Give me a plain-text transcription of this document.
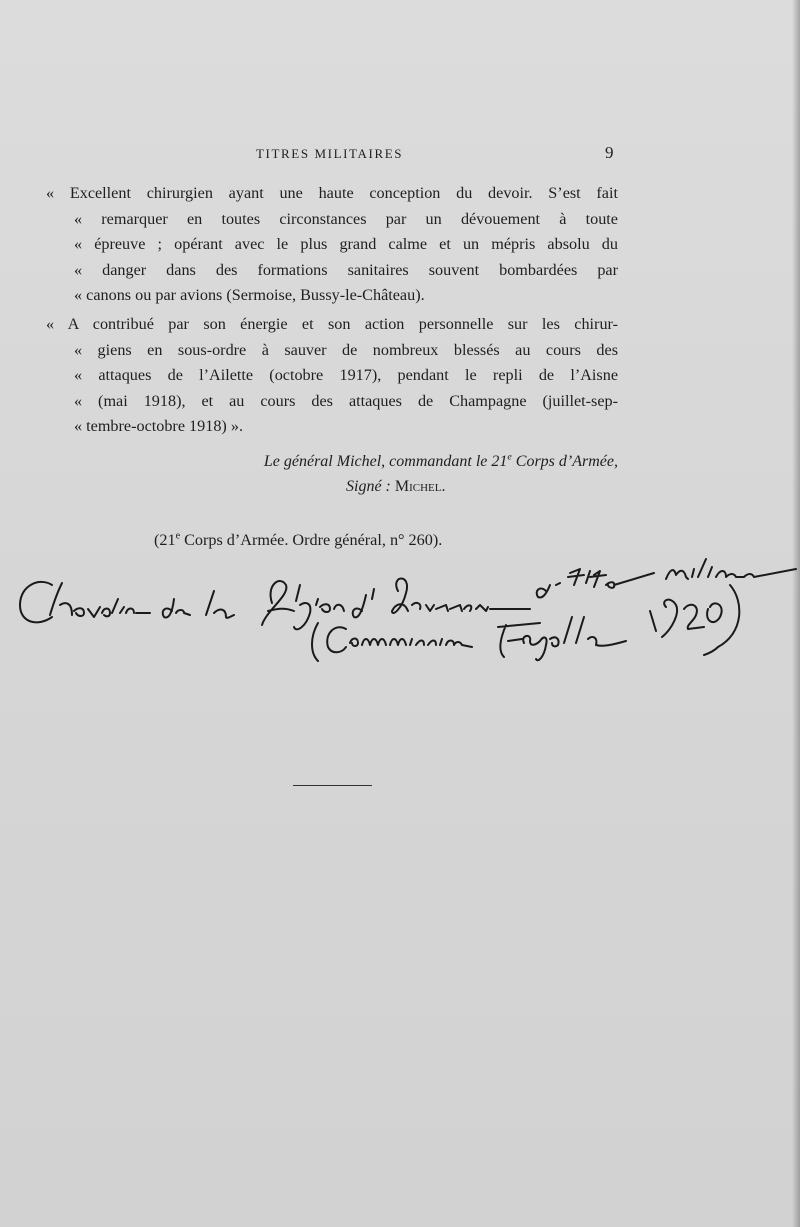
TITRES MILITAIRES	9

« Excellent chirurgien ayant une haute conception du devoir. S’est fait
« remarquer en toutes circonstances par un dévouement à toute
« épreuve ; opérant avec le plus grand calme et un mépris absolu du
« danger dans des formations sanitaires souvent bombardées par
« canons ou par avions (Sermoise, Bussy-le-Château).

« A contribué par son énergie et son action personnelle sur les chirur-
« giens en sous-ordre à sauver de nombreux blessés au cours des
« attaques de l’Ailette (octobre 1917), pendant le repli de l’Aisne
« (mai 1918), et au cours des attaques de Champagne (juillet-sep-
« tembre-octobre 1918) ».

Le général Michel, commandant le 21e Corps d’Armée,
Signé : Michel.
(21e Corps d’Armée. Ordre général, n° 260).
